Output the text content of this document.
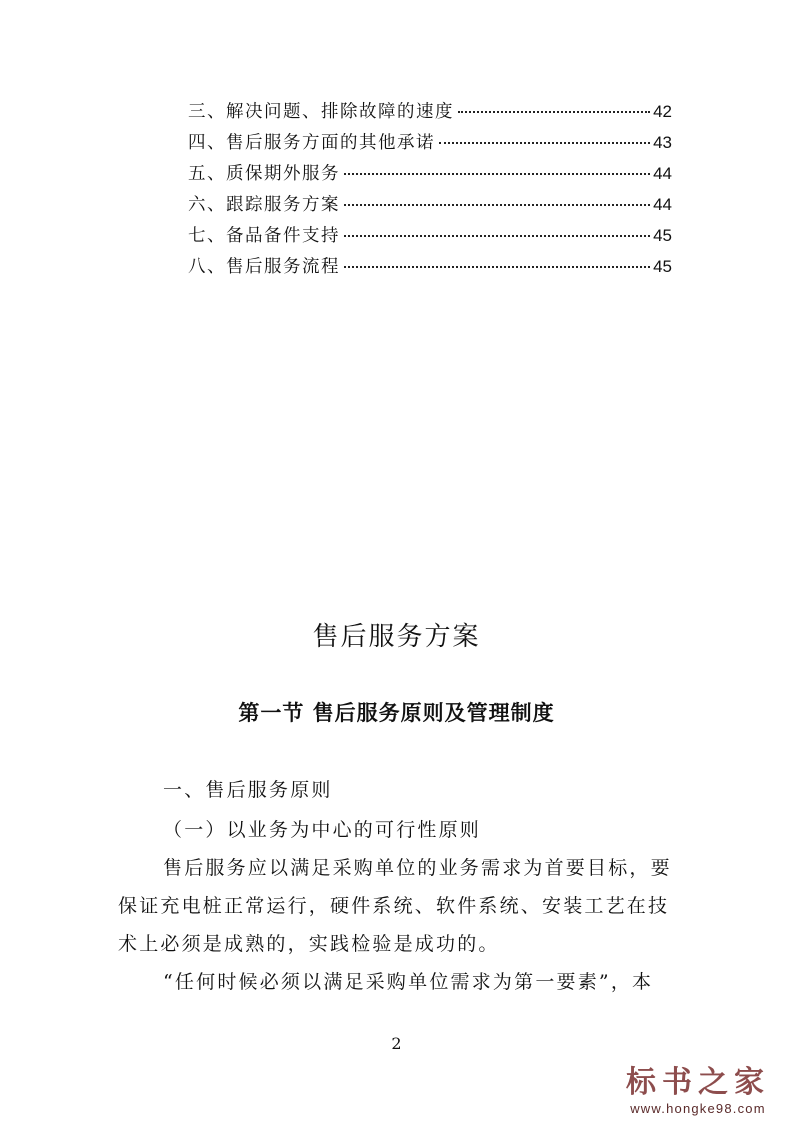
三、解决问题、排除故障的速度	42
四、售后服务方面的其他承诺	43
五、质保期外服务	44
六、跟踪服务方案	44
七、备品备件支持	45
八、售后服务流程	45
售后服务方案
第一节 售后服务原则及管理制度
一、售后服务原则
（一）以业务为中心的可行性原则
售后服务应以满足采购单位的业务需求为首要目标，要
保证充电桩正常运行，硬件系统、软件系统、安装工艺在技
术上必须是成熟的，实践检验是成功的。
“任何时候必须以满足采购单位需求为第一要素”，本
2
标书之家
www.hongke98.com
